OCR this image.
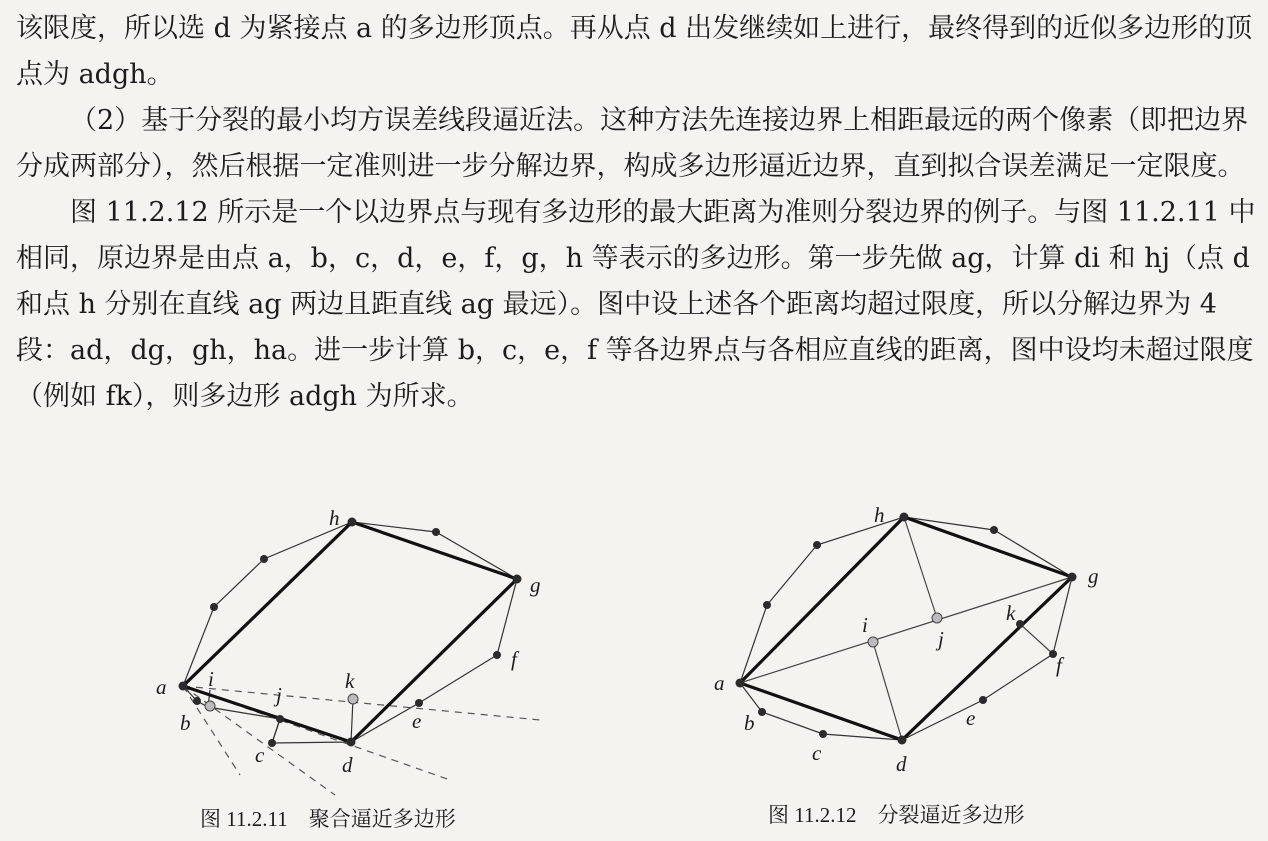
该限度，所以选 d 为紧接点 a 的多边形顶点。再从点 d 出发继续如上进行，最终得到的近似多边形的顶点为 adgh。

（2）基于分裂的最小均方误差线段逼近法。这种方法先连接边界上相距最远的两个像素（即把边界分成两部分），然后根据一定准则进一步分解边界，构成多边形逼近边界，直到拟合误差满足一定限度。

图 11.2.12 所示是一个以边界点与现有多边形的最大距离为准则分裂边界的例子。与图 11.2.11 中相同，原边界是由点 a，b，c，d，e，f，g，h 等表示的多边形。第一步先做 ag，计算 di 和 hj（点 d 和点 h 分别在直线 ag 两边且距直线 ag 最远）。图中设上述各个距离均超过限度，所以分解边界为 4 段：ad，dg，gh，ha。进一步计算 b，c，e，f 等各边界点与各相应直线的距离，图中设均未超过限度（例如 fk），则多边形 adgh 为所求。

a
b
c	d
e
f
g
h
i
j
k
图 11.2.11　聚合逼近多边形
a
b
c	d
e
f
g
h
i
j
k
图 11.2.12　分裂逼近多边形
